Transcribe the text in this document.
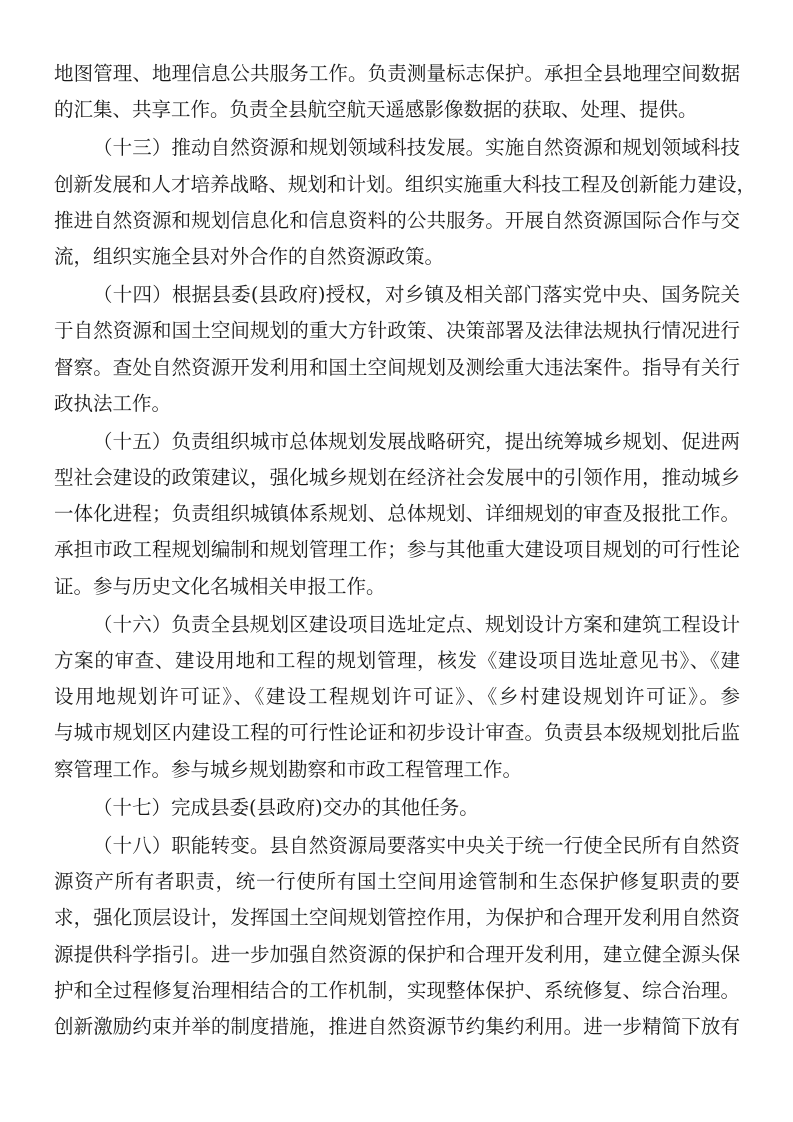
地图管理、地理信息公共服务工作。负责测量标志保护。承担全县地理空间数据
的汇集、共享工作。负责全县航空航天遥感影像数据的获取、处理、提供。
（十三）推动自然资源和规划领域科技发展。实施自然资源和规划领域科技
创新发展和人才培养战略、规划和计划。组织实施重大科技工程及创新能力建设，
推进自然资源和规划信息化和信息资料的公共服务。开展自然资源国际合作与交
流，组织实施全县对外合作的自然资源政策。
（十四）根据县委(县政府)授权，对乡镇及相关部门落实党中央、国务院关
于自然资源和国土空间规划的重大方针政策、决策部署及法律法规执行情况进行
督察。查处自然资源开发利用和国土空间规划及测绘重大违法案件。指导有关行
政执法工作。
（十五）负责组织城市总体规划发展战略研究，提出统筹城乡规划、促进两
型社会建设的政策建议，强化城乡规划在经济社会发展中的引领作用，推动城乡
一体化进程；负责组织城镇体系规划、总体规划、详细规划的审查及报批工作。
承担市政工程规划编制和规划管理工作；参与其他重大建设项目规划的可行性论
证。参与历史文化名城相关申报工作。
（十六）负责全县规划区建设项目选址定点、规划设计方案和建筑工程设计
方案的审查、建设用地和工程的规划管理，核发《建设项目选址意见书》、《建
设用地规划许可证》、《建设工程规划许可证》、《乡村建设规划许可证》。参
与城市规划区内建设工程的可行性论证和初步设计审查。负责县本级规划批后监
察管理工作。参与城乡规划勘察和市政工程管理工作。
（十七）完成县委(县政府)交办的其他任务。
（十八）职能转变。县自然资源局要落实中央关于统一行使全民所有自然资
源资产所有者职责，统一行使所有国土空间用途管制和生态保护修复职责的要
求，强化顶层设计，发挥国土空间规划管控作用，为保护和合理开发利用自然资
源提供科学指引。进一步加强自然资源的保护和合理开发利用，建立健全源头保
护和全过程修复治理相结合的工作机制，实现整体保护、系统修复、综合治理。
创新激励约束并举的制度措施，推进自然资源节约集约利用。进一步精简下放有
